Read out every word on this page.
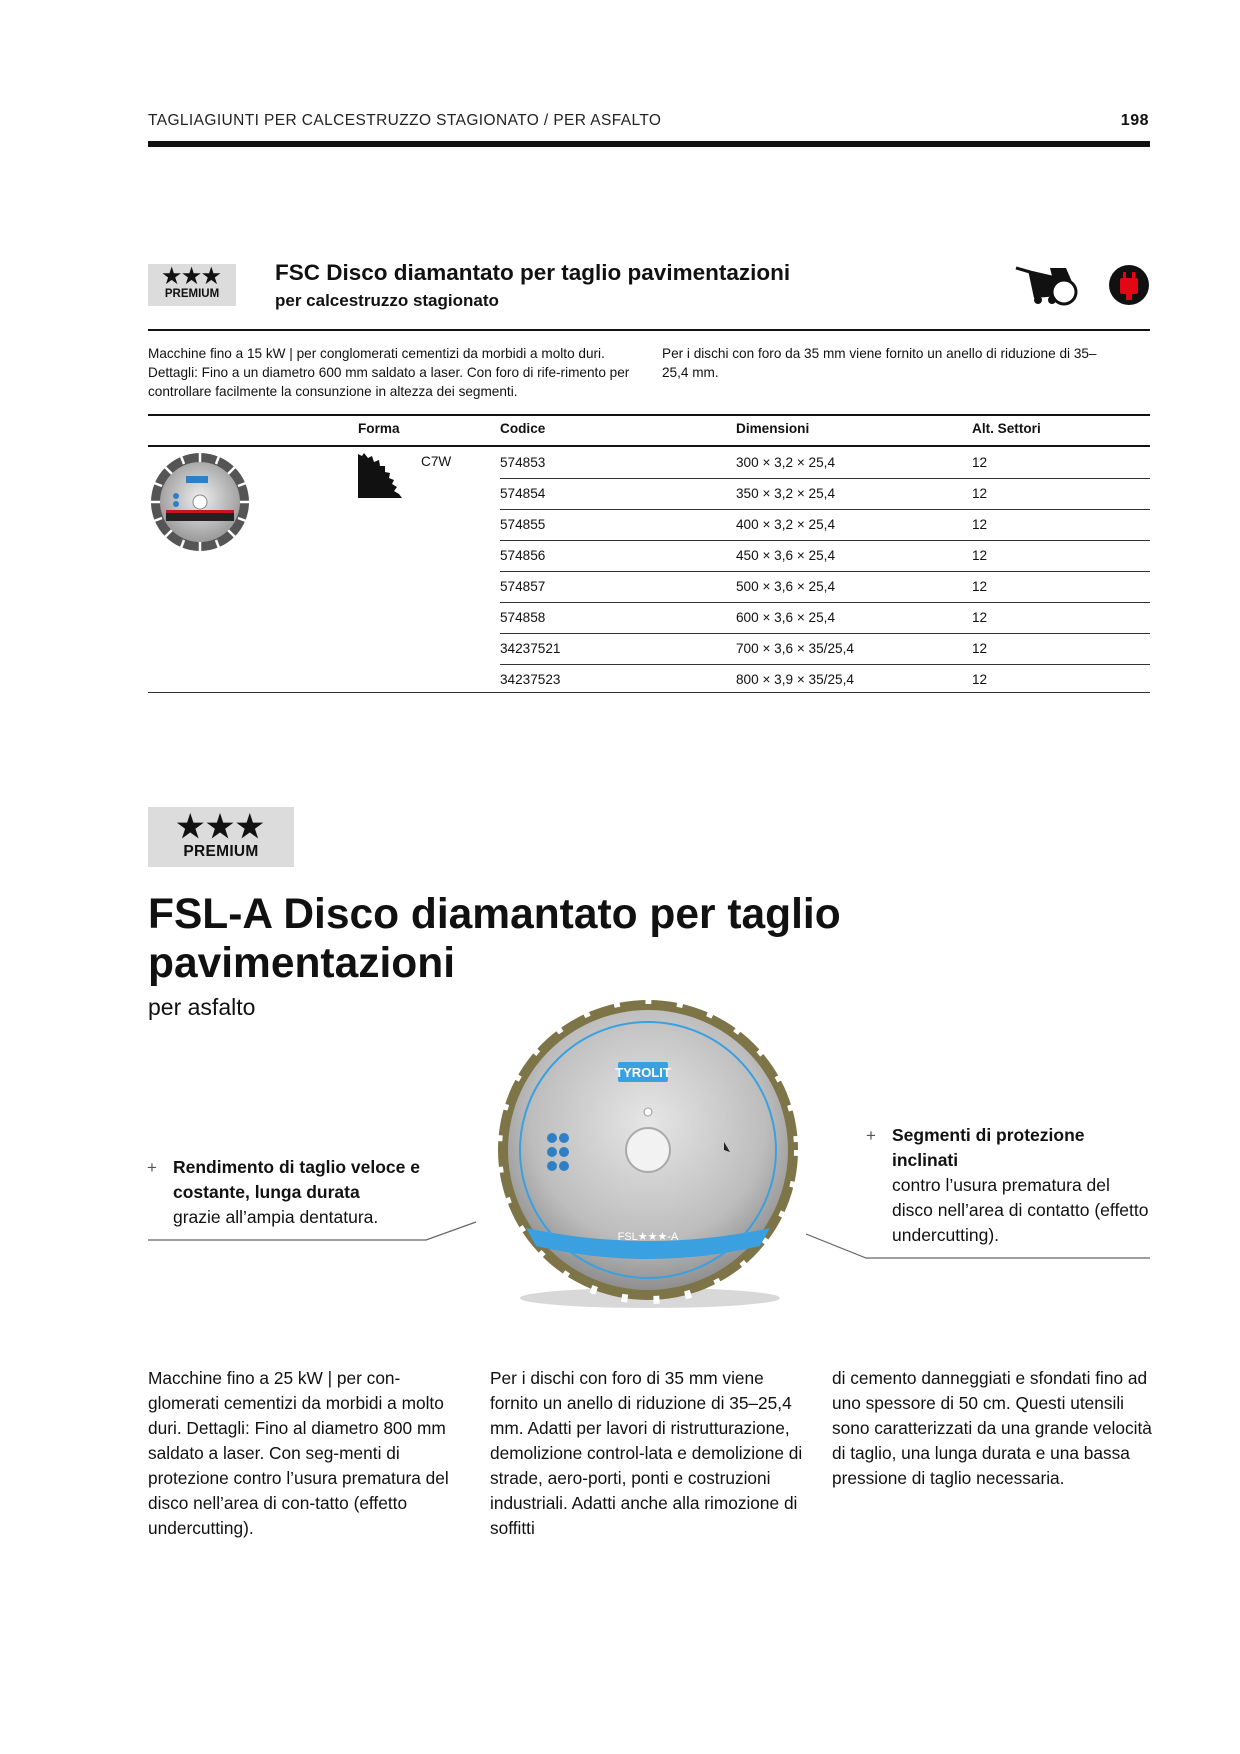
TAGLIAGIUNTI PER CALCESTRUZZO STAGIONATO / PER ASFALTO	198
★★★
PREMIUM
FSC Disco diamantato per taglio pavimentazioni
per calcestruzzo stagionato
Macchine fino a 15 kW | per conglomerati cementizi da morbidi a molto duri. Dettagli: Fino a un diametro 600 mm saldato a laser. Con foro di rife-rimento per controllare facilmente la consunzione in altezza dei segmenti.
Per i dischi con foro da 35 mm viene fornito un anello di riduzione di 35–25,4 mm.
Forma	Codice	Dimensioni	Alt. Settori
C7W	574853	300 × 3,2 × 25,4	12
574854	350 × 3,2 × 25,4	12
574855	400 × 3,2 × 25,4	12
574856	450 × 3,6 × 25,4	12
574857	500 × 3,6 × 25,4	12
574858	600 × 3,6 × 25,4	12
34237521	700 × 3,6 × 35/25,4	12
34237523	800 × 3,9 × 35/25,4	12
★★★
PREMIUM
FSL-A Disco diamantato per taglio pavimentazioni
per asfalto
TYROLIT
FSL★★★-A
+ Rendimento di taglio veloce e costante, lunga durata
grazie all’ampia dentatura.
+ Segmenti di protezione inclinati
contro l’usura prematura del disco nell’area di contatto (effetto undercutting).
Macchine fino a 25 kW | per con-glomerati cementizi da morbidi a molto duri. Dettagli: Fino al diametro 800 mm saldato a laser. Con seg-menti di protezione contro l’usura prematura del disco nell’area di con-tatto (effetto undercutting).
Per i dischi con foro di 35 mm viene fornito un anello di riduzione di 35–25,4 mm. Adatti per lavori di ristrutturazione, demolizione control-lata e demolizione di strade, aero-porti, ponti e costruzioni industriali. Adatti anche alla rimozione di soffitti
di cemento danneggiati e sfondati fino ad uno spessore di 50 cm. Questi utensili sono caratterizzati da una grande velocità di taglio, una lunga durata e una bassa pressione di taglio necessaria.
